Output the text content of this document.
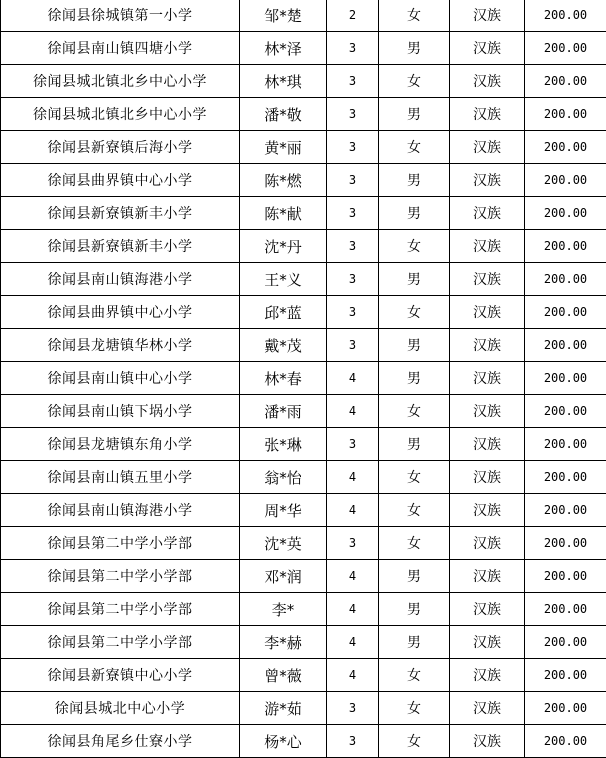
徐闻县徐城镇第一小学	邹*楚	2	女	汉族	200.00
徐闻县南山镇四塘小学	林*泽	3	男	汉族	200.00
徐闻县城北镇北乡中心小学	林*琪	3	女	汉族	200.00
徐闻县城北镇北乡中心小学	潘*敬	3	男	汉族	200.00
徐闻县新寮镇后海小学	黄*丽	3	女	汉族	200.00
徐闻县曲界镇中心小学	陈*燃	3	男	汉族	200.00
徐闻县新寮镇新丰小学	陈*献	3	男	汉族	200.00
徐闻县新寮镇新丰小学	沈*丹	3	女	汉族	200.00
徐闻县南山镇海港小学	王*义	3	男	汉族	200.00
徐闻县曲界镇中心小学	邱*蓝	3	女	汉族	200.00
徐闻县龙塘镇华林小学	戴*茂	3	男	汉族	200.00
徐闻县南山镇中心小学	林*春	4	男	汉族	200.00
徐闻县南山镇下埚小学	潘*雨	4	女	汉族	200.00
徐闻县龙塘镇东角小学	张*琳	3	男	汉族	200.00
徐闻县南山镇五里小学	翁*怡	4	女	汉族	200.00
徐闻县南山镇海港小学	周*华	4	女	汉族	200.00
徐闻县第二中学小学部	沈*英	3	女	汉族	200.00
徐闻县第二中学小学部	邓*润	4	男	汉族	200.00
徐闻县第二中学小学部	李*	4	男	汉族	200.00
徐闻县第二中学小学部	李*赫	4	男	汉族	200.00
徐闻县新寮镇中心小学	曾*薇	4	女	汉族	200.00
徐闻县城北中心小学	游*茹	3	女	汉族	200.00
徐闻县角尾乡仕寮小学	杨*心	3	女	汉族	200.00
